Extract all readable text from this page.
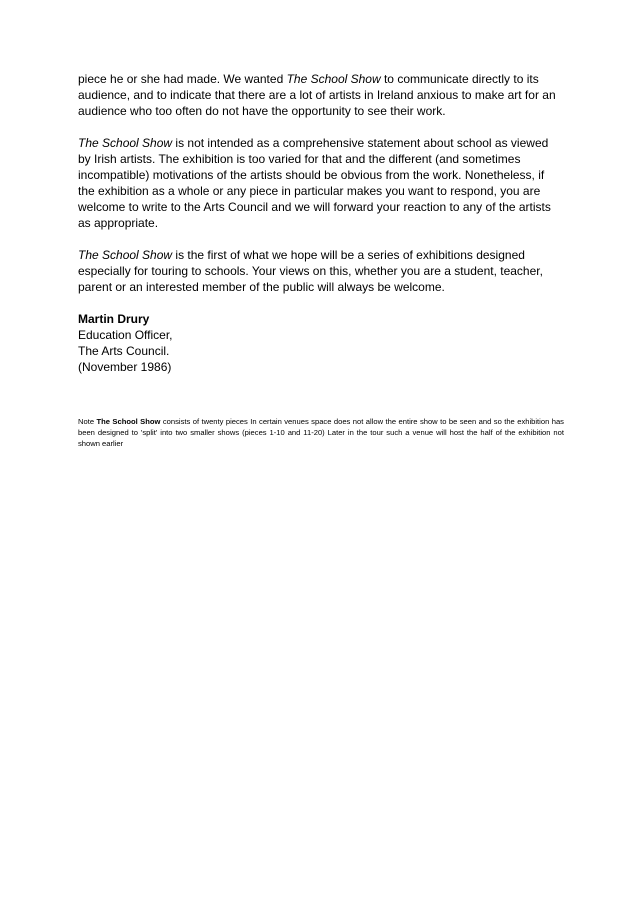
piece he or she had made. We wanted The School Show to communicate directly to its audience, and to indicate that there are a lot of artists in Ireland anxious to make art for an audience who too often do not have the opportunity to see their work.

The School Show is not intended as a comprehensive statement about school as viewed by Irish artists. The exhibition is too varied for that and the different (and sometimes incompatible) motivations of the artists should be obvious from the work. Nonetheless, if the exhibition as a whole or any piece in particular makes you want to respond, you are welcome to write to the Arts Council and we will forward your reaction to any of the artists as appropriate.

The School Show is the first of what we hope will be a series of exhibitions designed especially for touring to schools. Your views on this, whether you are a student, teacher, parent or an interested member of the public will always be welcome.

Martin Drury
Education Officer,
The Arts Council.
(November 1986)
Note The School Show consists of twenty pieces In certain venues space does not allow the entire show to be seen and so the exhibition has been designed to 'split' into two smaller shows (pieces 1-10 and 11-20) Later in the tour such a venue will host the half of the exhibition not shown earlier
